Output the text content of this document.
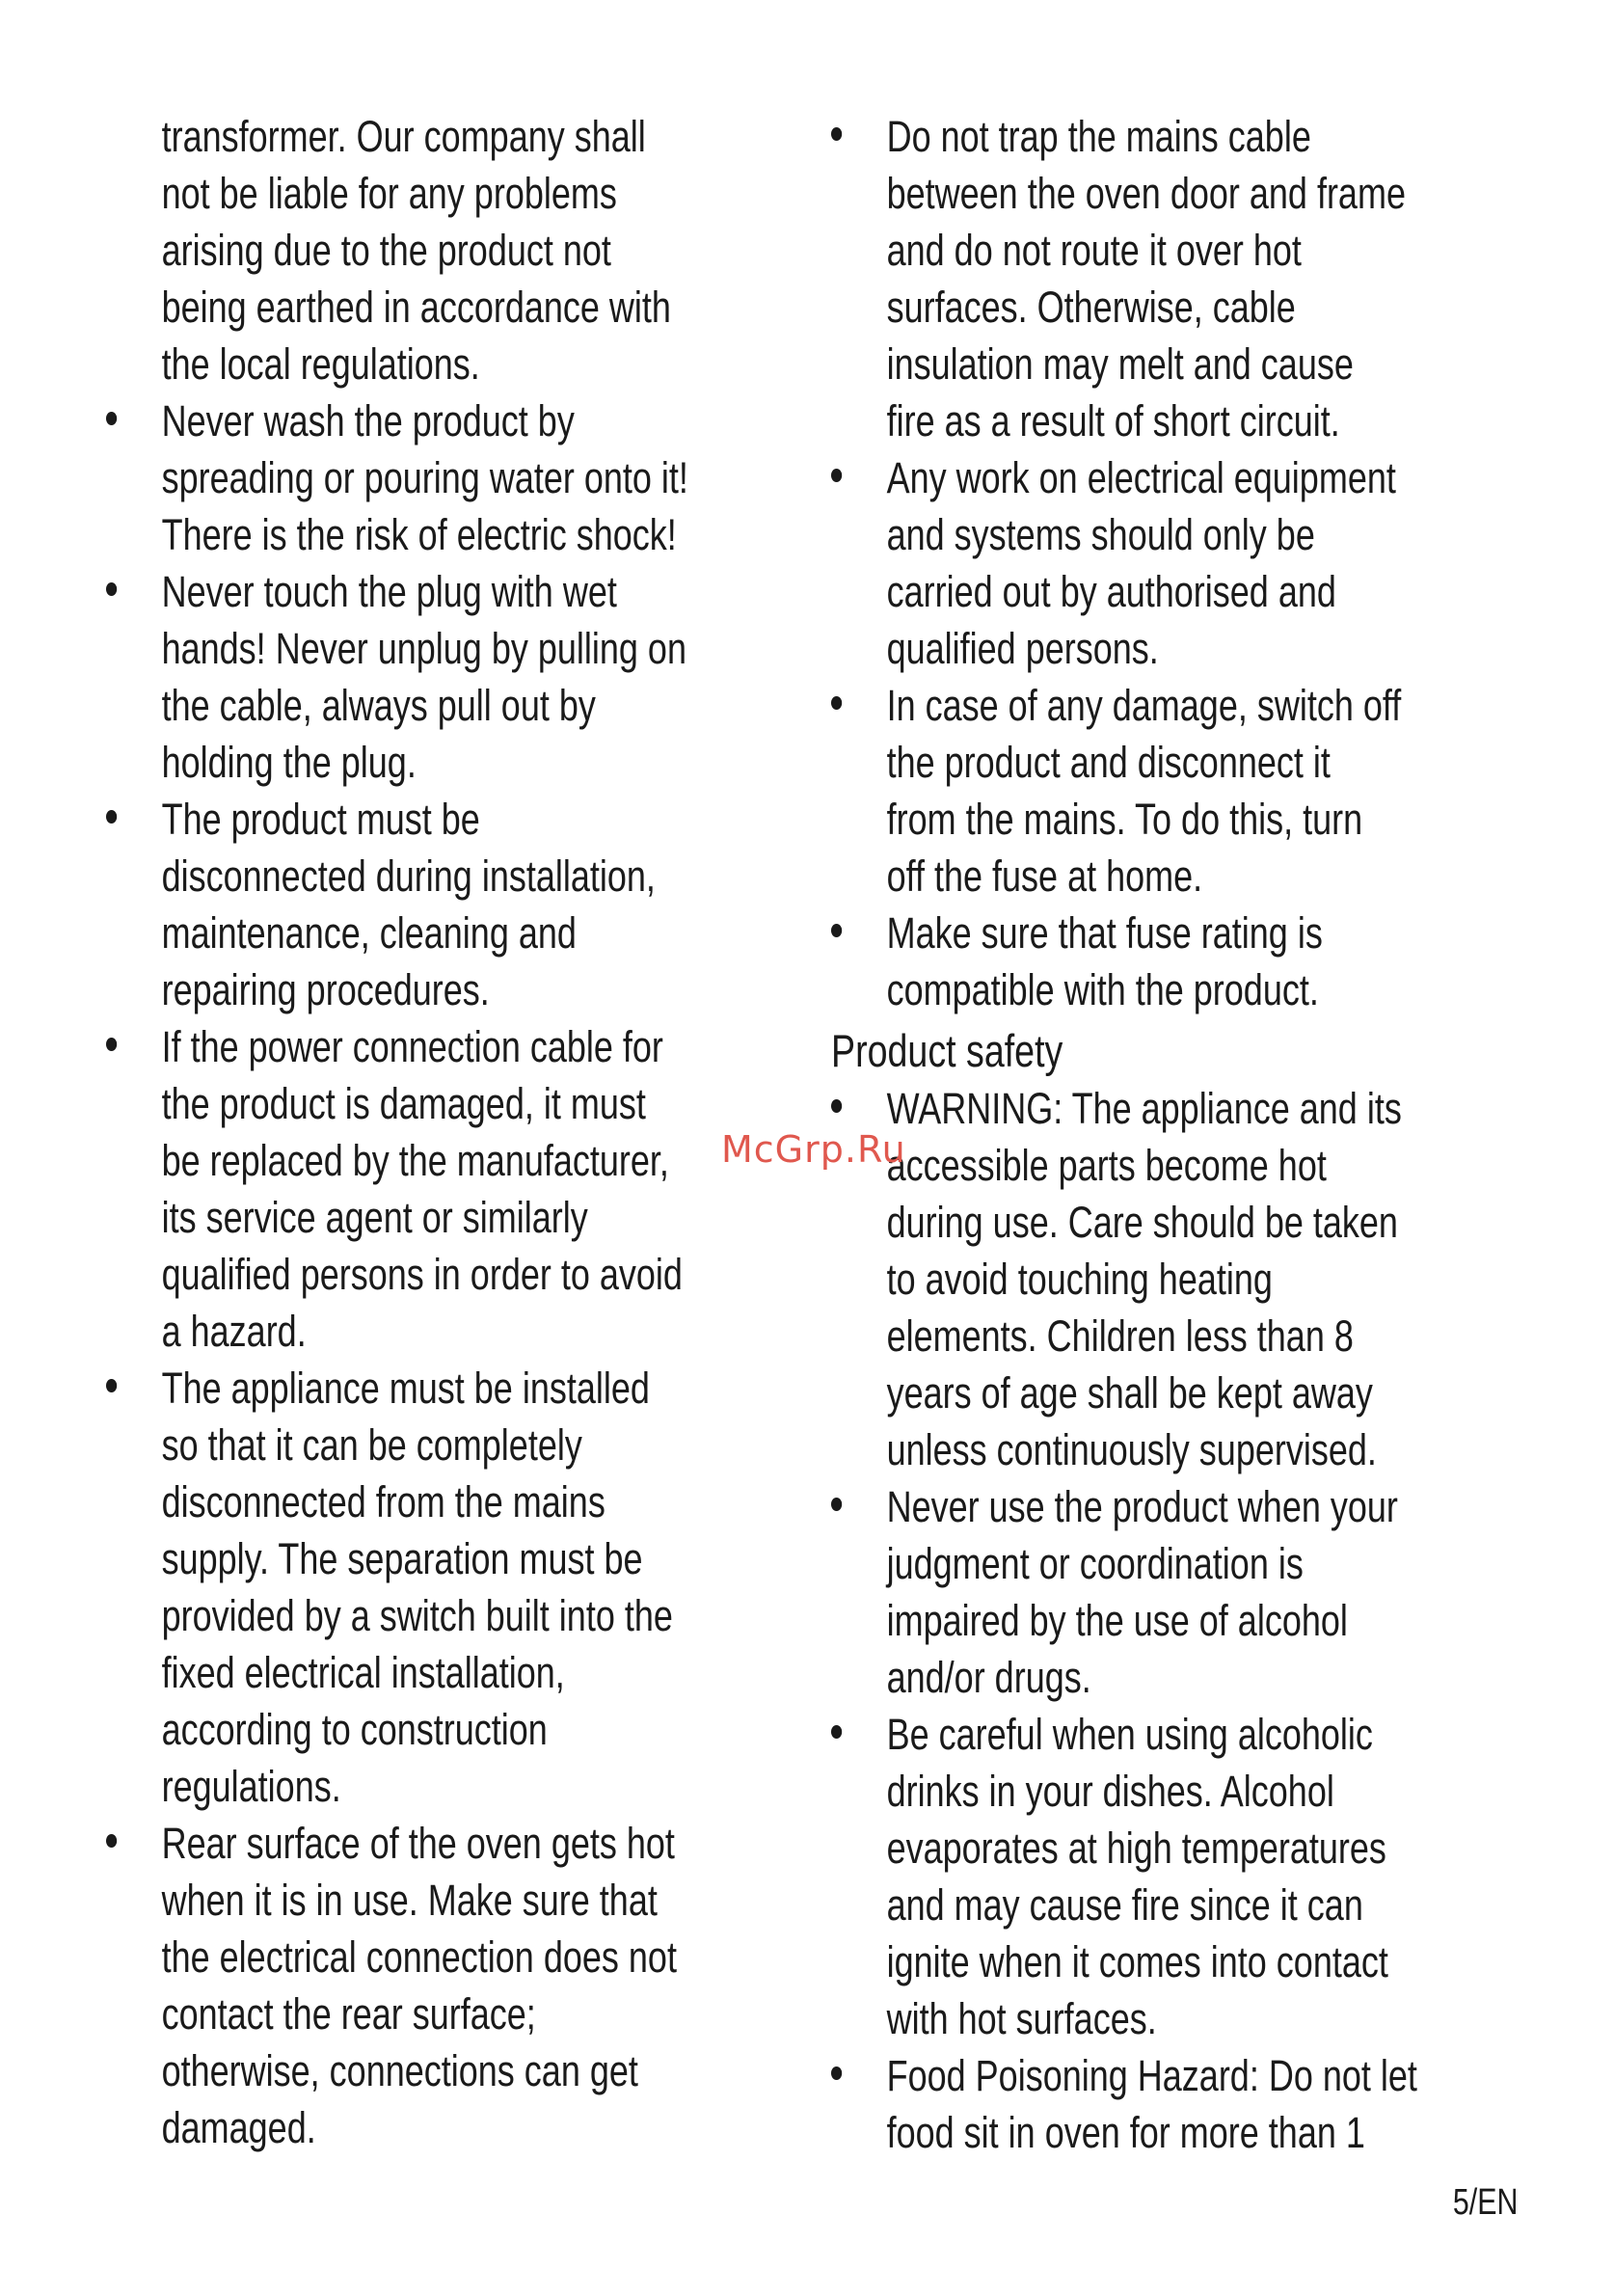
transformer. Our company shall
not be liable for any problems
arising due to the product not
being earthed in accordance with
the local regulations.
Never wash the product by
spreading or pouring water onto it!
There is the risk of electric shock!
Never touch the plug with wet
hands! Never unplug by pulling on
the cable, always pull out by
holding the plug.
The product must be
disconnected during installation,
maintenance, cleaning and
repairing procedures.
If the power connection cable for
the product is damaged, it must
be replaced by the manufacturer,
its service agent or similarly
qualified persons in order to avoid
a hazard.
The appliance must be installed
so that it can be completely
disconnected from the mains
supply. The separation must be
provided by a switch built into the
fixed electrical installation,
according to construction
regulations.
Rear surface of the oven gets hot
when it is in use. Make sure that
the electrical connection does not
contact the rear surface;
otherwise, connections can get
damaged.
Do not trap the mains cable
between the oven door and frame
and do not route it over hot
surfaces. Otherwise, cable
insulation may melt and cause
fire as a result of short circuit.
Any work on electrical equipment
and systems should only be
carried out by authorised and
qualified persons.
In case of any damage, switch off
the product and disconnect it
from the mains. To do this, turn
off the fuse at home.
Make sure that fuse rating is
compatible with the product.
Product safety
WARNING: The appliance and its
accessible parts become hot
during use. Care should be taken
to avoid touching heating
elements. Children less than 8
years of age shall be kept away
unless continuously supervised.
Never use the product when your
judgment or coordination is
impaired by the use of alcohol
and/or drugs.
Be careful when using alcoholic
drinks in your dishes. Alcohol
evaporates at high temperatures
and may cause fire since it can
ignite when it comes into contact
with hot surfaces.
Food Poisoning Hazard: Do not let
food sit in oven for more than 1
McGrp.Ru
5/EN
